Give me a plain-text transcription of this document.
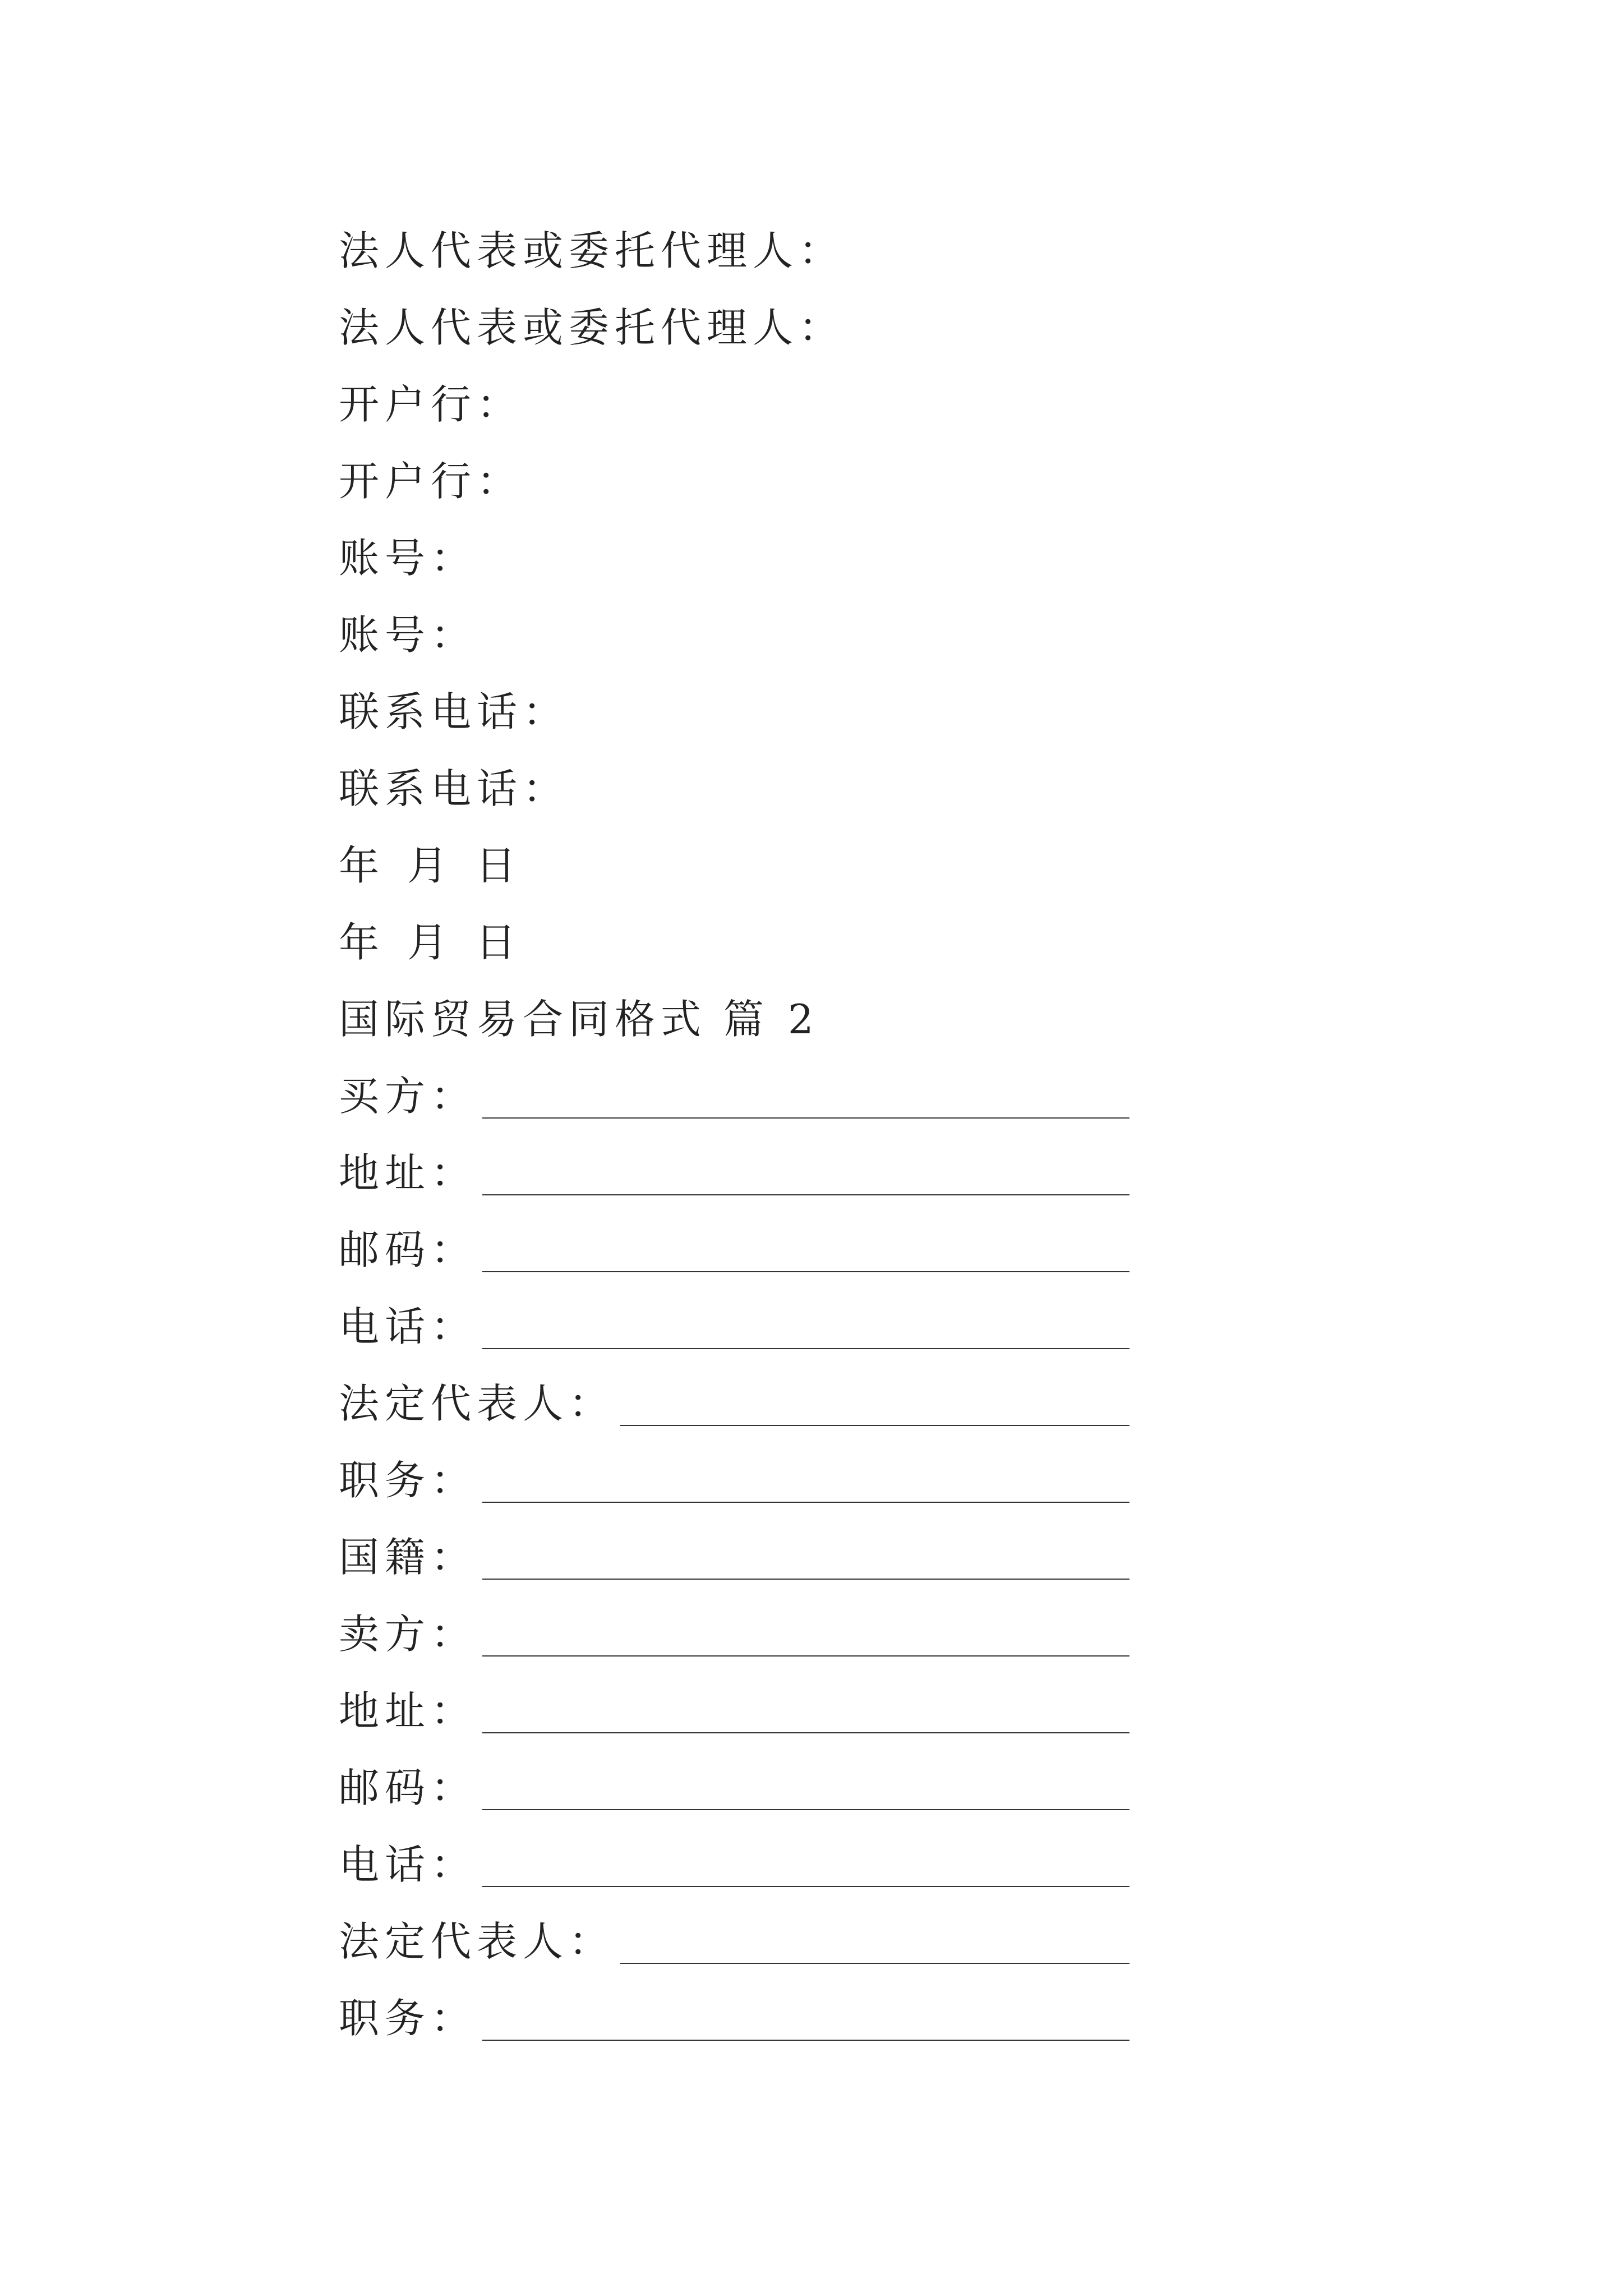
法人代表或委托代理人：
法人代表或委托代理人：
开户行：
开户行：
账号：
账号：
联系电话：
联系电话：
年 月 日
年 月 日
国际贸易合同格式 篇 2
买方：
地址：
邮码：
电话：
法定代表人：
职务：
国籍：
卖方：
地址：
邮码：
电话：
法定代表人：
职务：
